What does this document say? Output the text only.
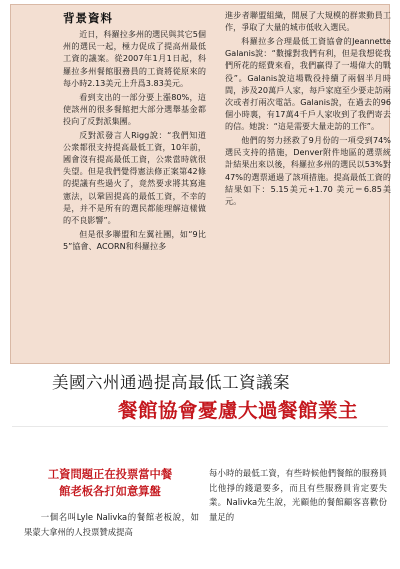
背景資料

近日，科羅拉多州的選民與其它5個州的選民一起，極力促成了提高州最低工資的議案。從2007年1月1日起，科羅拉多州餐館服務員的工資將從原來的每小時2.13美元上升爲3.83美元。

看到支出的一部分要上漲80%，這使該州的很多餐館把大部分選舉基金都投向了反對派集團。

反對派發言人Rigg說：“我們知道公衆都很支持提高最低工資，10年前，國會沒有提高最低工資，公衆當時就很失望。但是我們覺得憲法修正案第42條的提議有些過火了，竟然要求將其寫進憲法，以鞏固提高的最低工資，不幸的是，并不是所有的選民都能理解這樣做的不良影響”。

但是很多聯盟和左翼社團，如“9比5”協會、ACORN和科羅拉多

進步者聯盟組織，開展了大規模的群衆動員工作，爭取了大量的城市低收入選民。

科羅拉多合理最低工資協會的Jeannette Galanis說：“數據對我們有利，但是我想從我們所花的經費來看，我們贏得了一場偉大的戰役”。Galanis說這場戰役持續了兩個半月時間，涉及20萬戶人家，每戶家庭至少要走訪兩次或者打兩次電話。Galanis說，在過去的96個小時裏，有17萬4千戶人家收到了我們寄去的信。她說：“這是需要大量走訪的工作”。

他們的努力拯救了9月份的一項受到74%選民支持的措施，Denver附件地區的選票統計結果出來以後，科羅拉多州的選民以53%對47%的選票通過了該項措施。提高最低工資的結果如下：5.15美元+1.70 美元＝6.85美元。

美國六州通過提高最低工資議案
餐館協會憂慮大過餐館業主
工資問題正在投票當中餐
館老板各打如意算盤

一個名叫Lyle Nalivka的餐館老板說，如果蒙大拿州的人投票贊成提高

每小時的最低工資，有些時候他們餐館的服務員比他掙的錢還要多，而且有些服務員肯定要失業。Nalivka先生說，光顧他的餐館顧客喜歡份量足的
